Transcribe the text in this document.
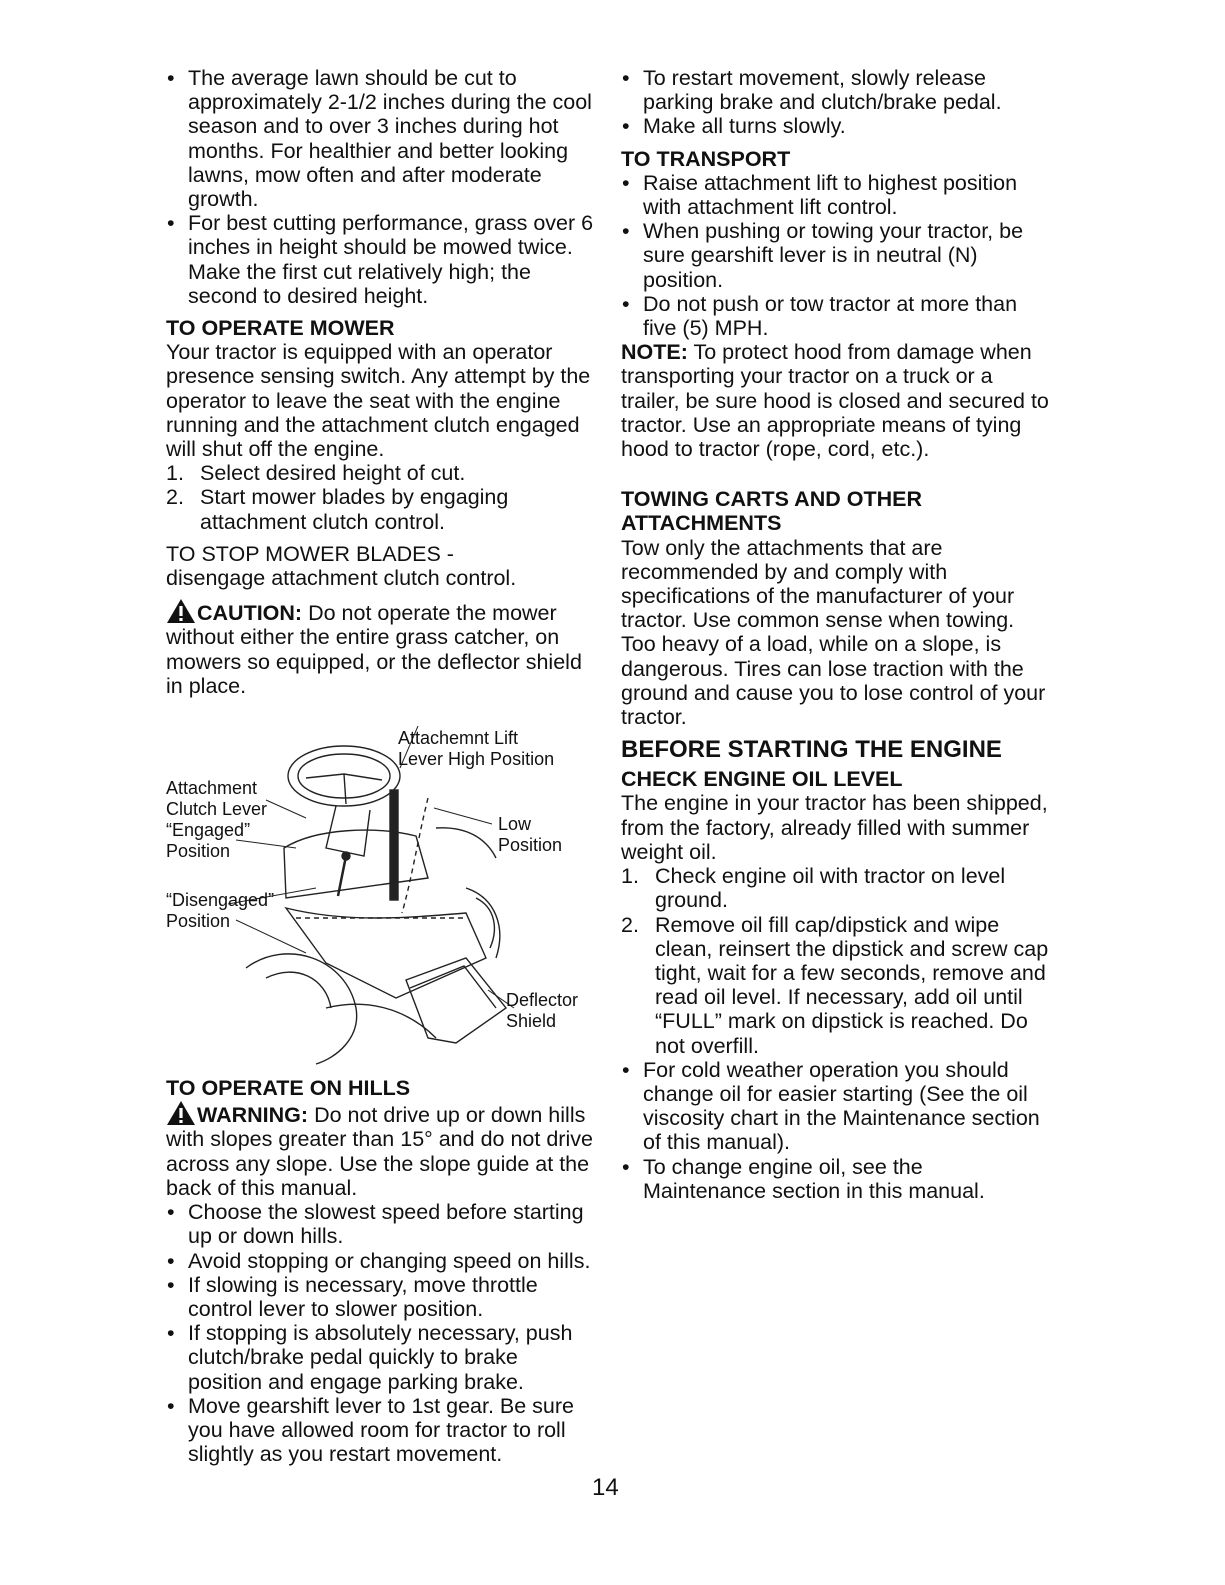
• The average lawn should be cut to approximately 2-1/2 inches during the cool season and to over 3 inches during hot months. For healthier and better looking lawns, mow often and after moderate growth.

• For best cutting performance, grass over 6 inches in height should be mowed twice. Make the first cut relatively high; the second to desired height.

TO OPERATE MOWER

Your tractor is equipped with an operator presence sensing switch. Any attempt by the operator to leave the seat with the engine running and the attachment clutch engaged will shut off the engine.

1. Select desired height of cut.

2. Start mower blades by engaging attachment clutch control.

TO STOP MOWER BLADES -

disengage attachment clutch control.

CAUTION: Do not operate the mower without either the entire grass catcher, on mowers so equipped, or the deflector shield in place.

Attachemnt Lift
Lever High Position
Attachment
Clutch Lever
“Engaged”
Position
Low
Position
“Disengaged”
Position
Deflector
Shield

TO OPERATE ON HILLS

WARNING: Do not drive up or down hills with slopes greater than 15° and do not drive across any slope. Use the slope guide at the back of this manual.

• Choose the slowest speed before starting up or down hills.

• Avoid stopping or changing speed on hills.

• If slowing is necessary, move throttle control lever to slower position.

• If stopping is absolutely necessary, push clutch/brake pedal quickly to brake position and engage parking brake.

• Move gearshift lever to 1st gear. Be sure you have allowed room for tractor to roll slightly as you restart movement.

• To restart movement, slowly release parking brake and clutch/brake pedal.

• Make all turns slowly.

TO TRANSPORT

• Raise attachment lift to highest position with attachment lift control.

• When pushing or towing your tractor, be sure gearshift lever is in neutral (N) position.

• Do not push or tow tractor at more than five (5) MPH.

NOTE: To protect hood from damage when transporting your tractor on a truck or a trailer, be sure hood is closed and secured to tractor. Use an appropriate means of tying hood to tractor (rope, cord, etc.).

TOWING CARTS AND OTHER ATTACHMENTS

Tow only the attachments that are recommended by and comply with specifications of the manufacturer of your tractor. Use common sense when towing. Too heavy of a load, while on a slope, is dangerous. Tires can lose traction with the ground and cause you to lose control of your tractor.

BEFORE STARTING THE ENGINE

CHECK ENGINE OIL LEVEL

The engine in your tractor has been shipped, from the factory, already filled with summer weight oil.

1. Check engine oil with tractor on level ground.

2. Remove oil fill cap/dipstick and wipe clean, reinsert the dipstick and screw cap tight, wait for a few seconds, remove and read oil level. If necessary, add oil until “FULL” mark on dipstick is reached. Do not overfill.

• For cold weather operation you should change oil for easier starting (See the oil viscosity chart in the Maintenance section of this manual).

• To change engine oil, see the Maintenance section in this manual.

14
